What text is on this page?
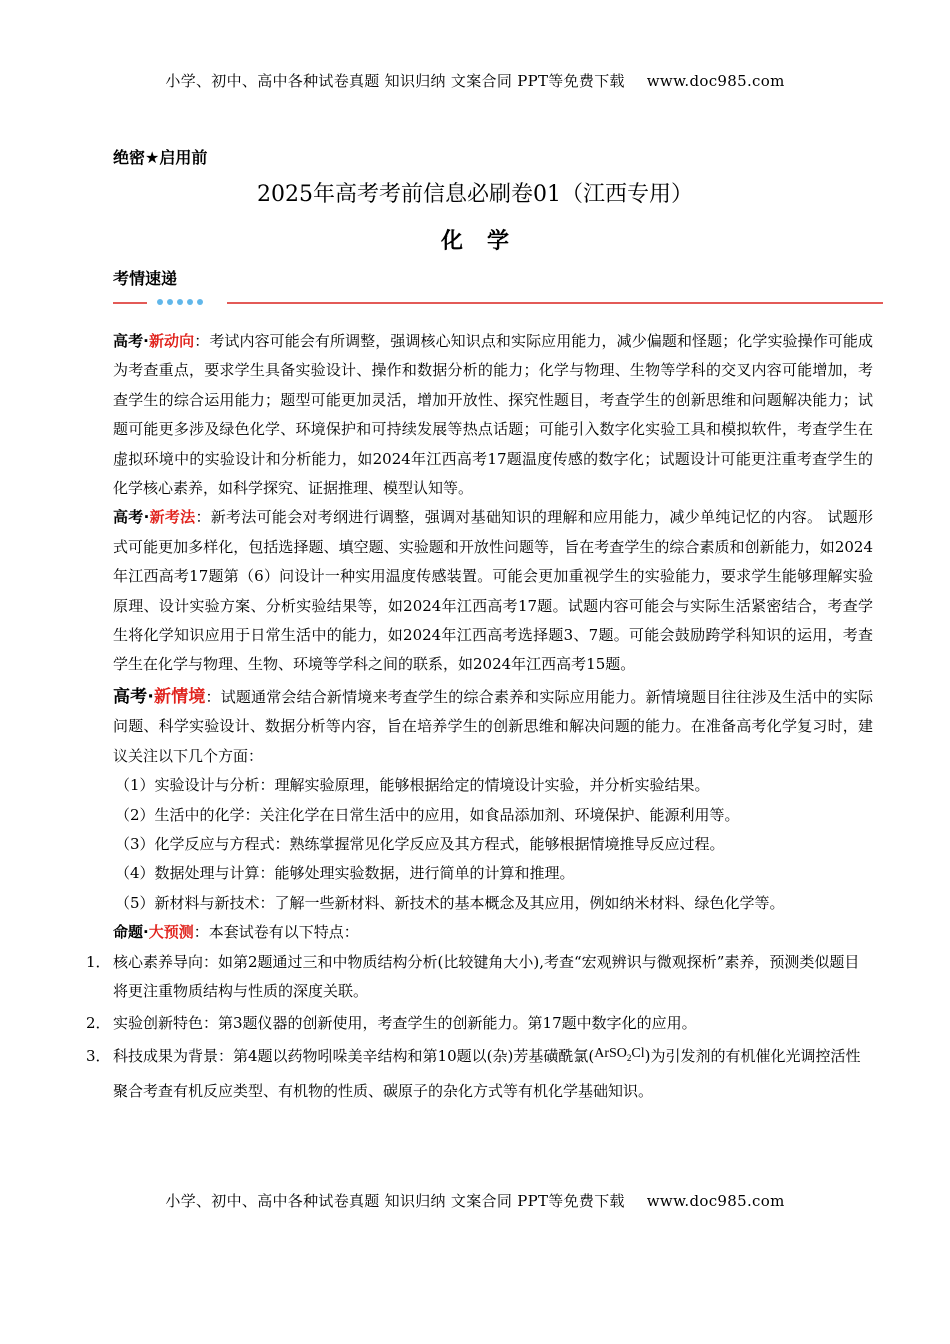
小学、初中、高中各种试卷真题 知识归纳 文案合同 PPT等免费下载 www.doc985.com
绝密★启用前
2025年高考考前信息必刷卷01（江西专用）
化学
考情速递

高考·新动向：考试内容可能会有所调整，强调核心知识点和实际应用能力，减少偏题和怪题；化学实验操作可能成为考查重点，要求学生具备实验设计、操作和数据分析的能力；化学与物理、生物等学科的交叉内容可能增加，考查学生的综合运用能力；题型可能更加灵活，增加开放性、探究性题目，考查学生的创新思维和问题解决能力；试题可能更多涉及绿色化学、环境保护和可持续发展等热点话题；可能引入数字化实验工具和模拟软件，考查学生在虚拟环境中的实验设计和分析能力，如2024年江西高考17题温度传感的数字化；试题设计可能更注重考查学生的化学核心素养，如科学探究、证据推理、模型认知等。

高考·新考法：新考法可能会对考纲进行调整，强调对基础知识的理解和应用能力，减少单纯记忆的内容。 试题形式可能更加多样化，包括选择题、填空题、实验题和开放性问题等，旨在考查学生的综合素质和创新能力，如2024年江西高考17题第（6）问设计一种实用温度传感装置。可能会更加重视学生的实验能力，要求学生能够理解实验原理、设计实验方案、分析实验结果等，如2024年江西高考17题。试题内容可能会与实际生活紧密结合，考查学生将化学知识应用于日常生活中的能力，如2024年江西高考选择题3、7题。可能会鼓励跨学科知识的运用，考查学生在化学与物理、生物、环境等学科之间的联系，如2024年江西高考15题。

高考·新情境：试题通常会结合新情境来考查学生的综合素养和实际应用能力。新情境题目往往涉及生活中的实际问题、科学实验设计、数据分析等内容，旨在培养学生的创新思维和解决问题的能力。在准备高考化学复习时，建议关注以下几个方面：

（1）实验设计与分析：理解实验原理，能够根据给定的情境设计实验，并分析实验结果。

（2）生活中的化学：关注化学在日常生活中的应用，如食品添加剂、环境保护、能源利用等。

（3）化学反应与方程式：熟练掌握常见化学反应及其方程式，能够根据情境推导反应过程。

（4）数据处理与计算：能够处理实验数据，进行简单的计算和推理。

（5）新材料与新技术：了解一些新材料、新技术的基本概念及其应用，例如纳米材料、绿色化学等。

命题·大预测：本套试卷有以下特点：

1． 核心素养导向：如第2题通过三和中物质结构分析(比较键角大小),考查“宏观辨识与微观探析”素养，预测类似题目将更注重物质结构与性质的深度关联。

2． 实验创新特色：第3题仪器的创新使用，考查学生的创新能力。第17题中数字化的应用。

3． 科技成果为背景：第4题以药物吲哚美辛结构和第10题以(杂)芳基磺酰氯(ArSO$_2$Cl)为引发剂的有机催化光调控活性聚合考查有机反应类型、有机物的性质、碳原子的杂化方式等有机化学基础知识。

小学、初中、高中各种试卷真题 知识归纳 文案合同 PPT等免费下载 www.doc985.com
